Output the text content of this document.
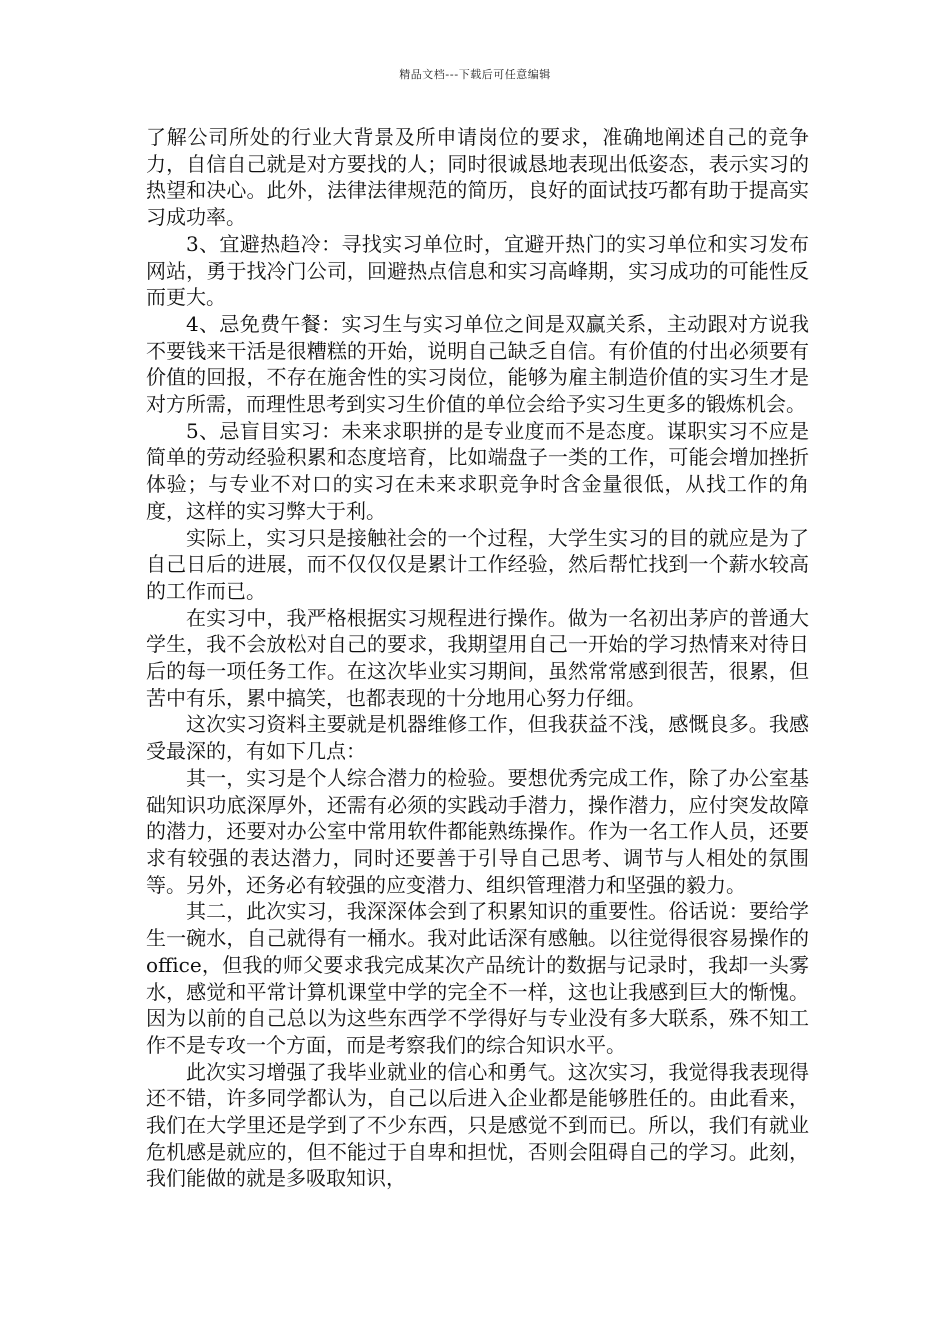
精品文档---下载后可任意编辑

了解公司所处的行业大背景及所申请岗位的要求，准确地阐述自己的竞争力，自信自己就是对方要找的人；同时很诚恳地表现出低姿态，表示实习的热望和决心。此外，法律法律规范的简历，良好的面试技巧都有助于提高实习成功率。

3、宜避热趋冷：寻找实习单位时，宜避开热门的实习单位和实习发布网站，勇于找冷门公司，回避热点信息和实习高峰期，实习成功的可能性反而更大。

4、忌免费午餐：实习生与实习单位之间是双赢关系，主动跟对方说我不要钱来干活是很糟糕的开始，说明自己缺乏自信。有价值的付出必须要有价值的回报，不存在施舍性的实习岗位，能够为雇主制造价值的实习生才是对方所需，而理性思考到实习生价值的单位会给予实习生更多的锻炼机会。

5、忌盲目实习：未来求职拼的是专业度而不是态度。谋职实习不应是简单的劳动经验积累和态度培育，比如端盘子一类的工作，可能会增加挫折体验；与专业不对口的实习在未来求职竞争时含金量很低，从找工作的角度，这样的实习弊大于利。

实际上，实习只是接触社会的一个过程，大学生实习的目的就应是为了自己日后的进展，而不仅仅仅是累计工作经验，然后帮忙找到一个薪水较高的工作而已。

在实习中，我严格根据实习规程进行操作。做为一名初出茅庐的普通大学生，我不会放松对自己的要求，我期望用自己一开始的学习热情来对待日后的每一项任务工作。在这次毕业实习期间，虽然常常感到很苦，很累，但苦中有乐，累中搞笑，也都表现的十分地用心努力仔细。

这次实习资料主要就是机器维修工作，但我获益不浅，感慨良多。我感受最深的，有如下几点：

其一，实习是个人综合潜力的检验。要想优秀完成工作，除了办公室基础知识功底深厚外，还需有必须的实践动手潜力，操作潜力，应付突发故障的潜力，还要对办公室中常用软件都能熟练操作。作为一名工作人员，还要求有较强的表达潜力，同时还要善于引导自己思考、调节与人相处的氛围等。另外，还务必有较强的应变潜力、组织管理潜力和坚强的毅力。

其二，此次实习，我深深体会到了积累知识的重要性。俗话说：要给学生一碗水，自己就得有一桶水。我对此话深有感触。以往觉得很容易操作的office，但我的师父要求我完成某次产品统计的数据与记录时，我却一头雾水，感觉和平常计算机课堂中学的完全不一样，这也让我感到巨大的惭愧。因为以前的自己总以为这些东西学不学得好与专业没有多大联系，殊不知工作不是专攻一个方面，而是考察我们的综合知识水平。

此次实习增强了我毕业就业的信心和勇气。这次实习，我觉得我表现得还不错，许多同学都认为，自己以后进入企业都是能够胜任的。由此看来，我们在大学里还是学到了不少东西，只是感觉不到而已。所以，我们有就业危机感是就应的，但不能过于自卑和担忧，否则会阻碍自己的学习。此刻，我们能做的就是多吸取知识，
